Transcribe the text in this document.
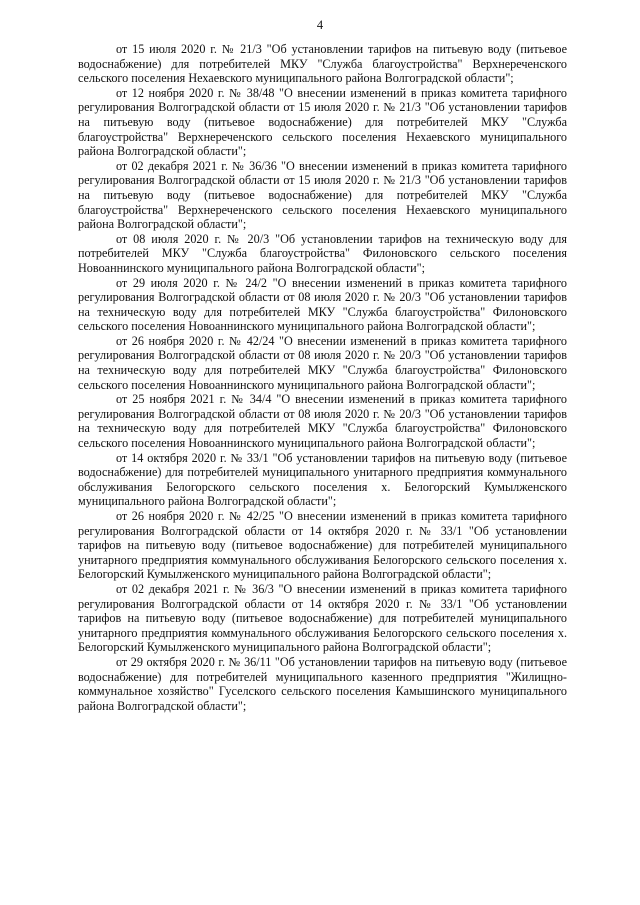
4

от 15 июля 2020 г. № 21/3 "Об установлении тарифов на питьевую воду (питьевое водоснабжение) для потребителей МКУ "Служба благоустройства" Верхнереченского сельского поселения Нехаевского муниципального района Волгоградской области";

от 12 ноября 2020 г. № 38/48 "О внесении изменений в приказ комитета тарифного регулирования Волгоградской области от 15 июля 2020 г. № 21/3 "Об установлении тарифов на питьевую воду (питьевое водоснабжение) для потребителей МКУ "Служба благоустройства" Верхнереченского сельского поселения Нехаевского муниципального района Волгоградской области";

от 02 декабря 2021 г. № 36/36 "О внесении изменений в приказ комитета тарифного регулирования Волгоградской области от 15 июля 2020 г. № 21/3 "Об установлении тарифов на питьевую воду (питьевое водоснабжение) для потребителей МКУ "Служба благоустройства" Верхнереченского сельского поселения Нехаевского муниципального района Волгоградской области";

от 08 июля 2020 г. № 20/3 "Об установлении тарифов на техническую воду для потребителей МКУ "Служба благоустройства" Филоновского сельского поселения Новоаннинского муниципального района Волгоградской области";

от 29 июля 2020 г. № 24/2 "О внесении изменений в приказ комитета тарифного регулирования Волгоградской области от 08 июля 2020 г. № 20/3 "Об установлении тарифов на техническую воду для потребителей МКУ "Служба благоустройства" Филоновского сельского поселения Новоаннинского муниципального района Волгоградской области";

от 26 ноября 2020 г. № 42/24 "О внесении изменений в приказ комитета тарифного регулирования Волгоградской области от 08 июля 2020 г. № 20/3 "Об установлении тарифов на техническую воду для потребителей МКУ "Служба благоустройства" Филоновского сельского поселения Новоаннинского муниципального района Волгоградской области";

от 25 ноября 2021 г. № 34/4 "О внесении изменений в приказ комитета тарифного регулирования Волгоградской области от 08 июля 2020 г. № 20/3 "Об установлении тарифов на техническую воду для потребителей МКУ "Служба благоустройства" Филоновского сельского поселения Новоаннинского муниципального района Волгоградской области";

от 14 октября 2020 г. № 33/1 "Об установлении тарифов на питьевую воду (питьевое водоснабжение) для потребителей муниципального унитарного предприятия коммунального обслуживания Белогорского сельского поселения х. Белогорский Кумылженского муниципального района Волгоградской области";

от 26 ноября 2020 г. № 42/25 "О внесении изменений в приказ комитета тарифного регулирования Волгоградской области от 14 октября 2020 г. № 33/1 "Об установлении тарифов на питьевую воду (питьевое водоснабжение) для потребителей муниципального унитарного предприятия коммунального обслуживания Белогорского сельского поселения х. Белогорский Кумылженского муниципального района Волгоградской области";

от 02 декабря 2021 г. № 36/3 "О внесении изменений в приказ комитета тарифного регулирования Волгоградской области от 14 октября 2020 г. № 33/1 "Об установлении тарифов на питьевую воду (питьевое водоснабжение) для потребителей муниципального унитарного предприятия коммунального обслуживания Белогорского сельского поселения х. Белогорский Кумылженского муниципального района Волгоградской области";

от 29 октября 2020 г. № 36/11 "Об установлении тарифов на питьевую воду (питьевое водоснабжение) для потребителей муниципального казенного предприятия "Жилищно-коммунальное хозяйство" Гуселского сельского поселения Камышинского муниципального района Волгоградской области";
